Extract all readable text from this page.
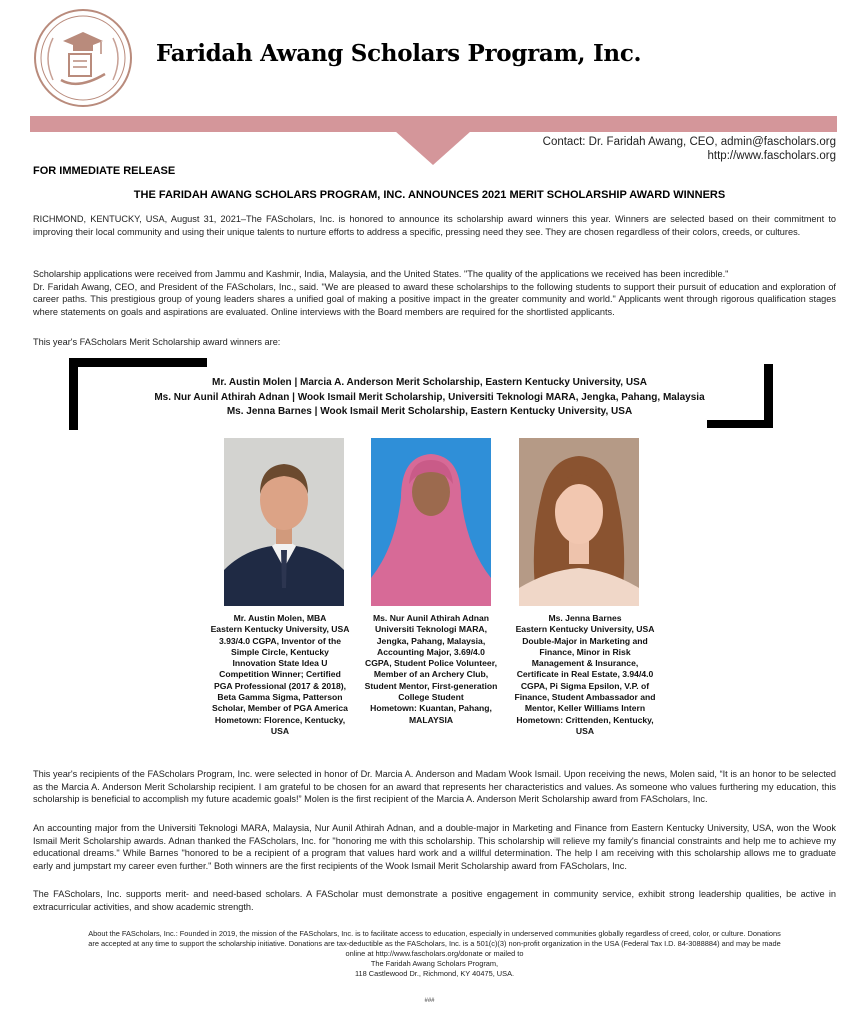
Faridah Awang Scholars Program, Inc.
Contact: Dr. Faridah Awang, CEO, admin@fascholars.org
http://www.fascholars.org
FOR IMMEDIATE RELEASE
THE FARIDAH AWANG SCHOLARS PROGRAM, INC. ANNOUNCES 2021 MERIT SCHOLARSHIP AWARD WINNERS

RICHMOND, KENTUCKY, USA, August 31, 2021–The FAScholars, Inc. is honored to announce its scholarship award winners this year. Winners are selected based on their commitment to improving their local community and using their unique talents to nurture efforts to address a specific, pressing need they see. They are chosen regardless of their colors, creeds, or cultures.

Scholarship applications were received from Jammu and Kashmir, India, Malaysia, and the United States. "The quality of the applications we received has been incredible."

Dr. Faridah Awang, CEO, and President of the FAScholars, Inc., said. "We are pleased to award these scholarships to the following students to support their pursuit of education and exploration of career paths. This prestigious group of young leaders shares a unified goal of making a positive impact in the greater community and world." Applicants went through rigorous qualification stages where statements on goals and aspirations are evaluated. Online interviews with the Board members are required for the shortlisted applicants.

This year's FAScholars Merit Scholarship award winners are:

Mr. Austin Molen | Marcia A. Anderson Merit Scholarship, Eastern Kentucky University, USA
Ms. Nur Aunil Athirah Adnan | Wook Ismail Merit Scholarship, Universiti Teknologi MARA, Jengka, Pahang, Malaysia
Ms. Jenna Barnes | Wook Ismail Merit Scholarship, Eastern Kentucky University, USA
Mr. Austin Molen, MBA
Eastern Kentucky University, USA
3.93/4.0 CGPA, Inventor of the
Simple Circle, Kentucky
Innovation State Idea U
Competition Winner; Certified
PGA Professional (2017 & 2018),
Beta Gamma Sigma, Patterson
Scholar, Member of PGA America
Hometown: Florence, Kentucky,
USA
Ms. Nur Aunil Athirah Adnan
Universiti Teknologi MARA,
Jengka, Pahang, Malaysia,
Accounting Major, 3.69/4.0
CGPA, Student Police Volunteer,
Member of an Archery Club,
Student Mentor, First-generation
College Student
Hometown: Kuantan, Pahang,
MALAYSIA
Ms. Jenna Barnes
Eastern Kentucky University, USA
Double-Major in Marketing and
Finance, Minor in Risk
Management & Insurance,
Certificate in Real Estate, 3.94/4.0
CGPA, Pi Sigma Epsilon, V.P. of
Finance, Student Ambassador and
Mentor, Keller Williams Intern
Hometown: Crittenden, Kentucky,
USA

This year's recipients of the FAScholars Program, Inc. were selected in honor of Dr. Marcia A. Anderson and Madam Wook Ismail. Upon receiving the news, Molen said, “It is an honor to be selected as the Marcia A. Anderson Merit Scholarship recipient. I am grateful to be chosen for an award that represents her characteristics and values. As someone who values furthering my education, this scholarship is beneficial to accomplish my future academic goals!” Molen is the first recipient of the Marcia A. Anderson Merit Scholarship award from FAScholars, Inc.

An accounting major from the Universiti Teknologi MARA, Malaysia, Nur Aunil Athirah Adnan, and a double-major in Marketing and Finance from Eastern Kentucky University, USA, won the Wook Ismail Merit Scholarship awards. Adnan thanked the FAScholars, Inc. for "honoring me with this scholarship. This scholarship will relieve my family's financial constraints and help me to achieve my educational dreams." While Barnes "honored to be a recipient of a program that values hard work and a willful determination. The help I am receiving with this scholarship allows me to graduate early and jumpstart my career even further." Both winners are the first recipients of the Wook Ismail Merit Scholarship award from FAScholars, Inc.

The FAScholars, Inc. supports merit- and need-based scholars. A FAScholar must demonstrate a positive engagement in community service, exhibit strong leadership qualities, be active in extracurricular activities, and show academic strength.

About the FAScholars, Inc.: Founded in 2019, the mission of the FAScholars, Inc. is to facilitate access to education, especially in underserved communities globally regardless of creed, color, or culture. Donations
are accepted at any time to support the scholarship initiative. Donations are tax-deductible as the FAScholars, Inc. is a 501(c)(3) non-profit organization in the USA (Federal Tax I.D. 84-3088884) and may be made
online at http://www.fascholars.org/donate or mailed to
The Faridah Awang Scholars Program,
118 Castlewood Dr., Richmond, KY 40475, USA.
###
